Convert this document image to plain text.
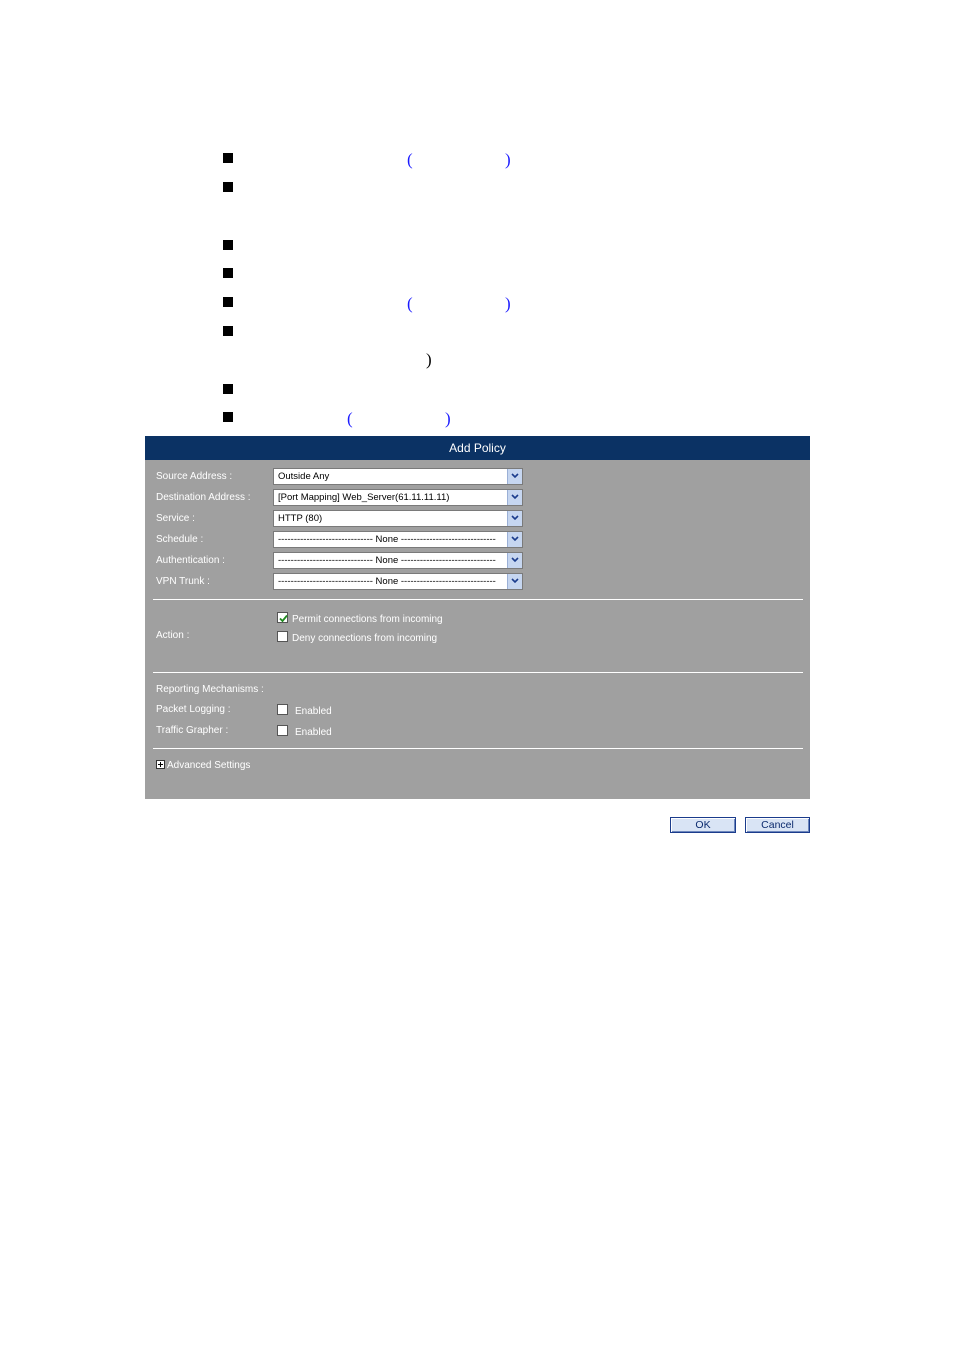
(	)
(	)
)
(	)
Add Policy
Source Address :	Outside Any
Destination Address :	[Port Mapping] Web_Server(61.11.11.11)
Service :	HTTP (80)
Schedule :	------------------------------ None ------------------------------
Authentication :	------------------------------ None ------------------------------
VPN Trunk :	------------------------------ None ------------------------------
Action :
Permit connections from incoming
Deny connections from incoming
Reporting Mechanisms :
Packet Logging :	Enabled
Traffic Grapher :	Enabled
Advanced Settings
OK	Cancel
